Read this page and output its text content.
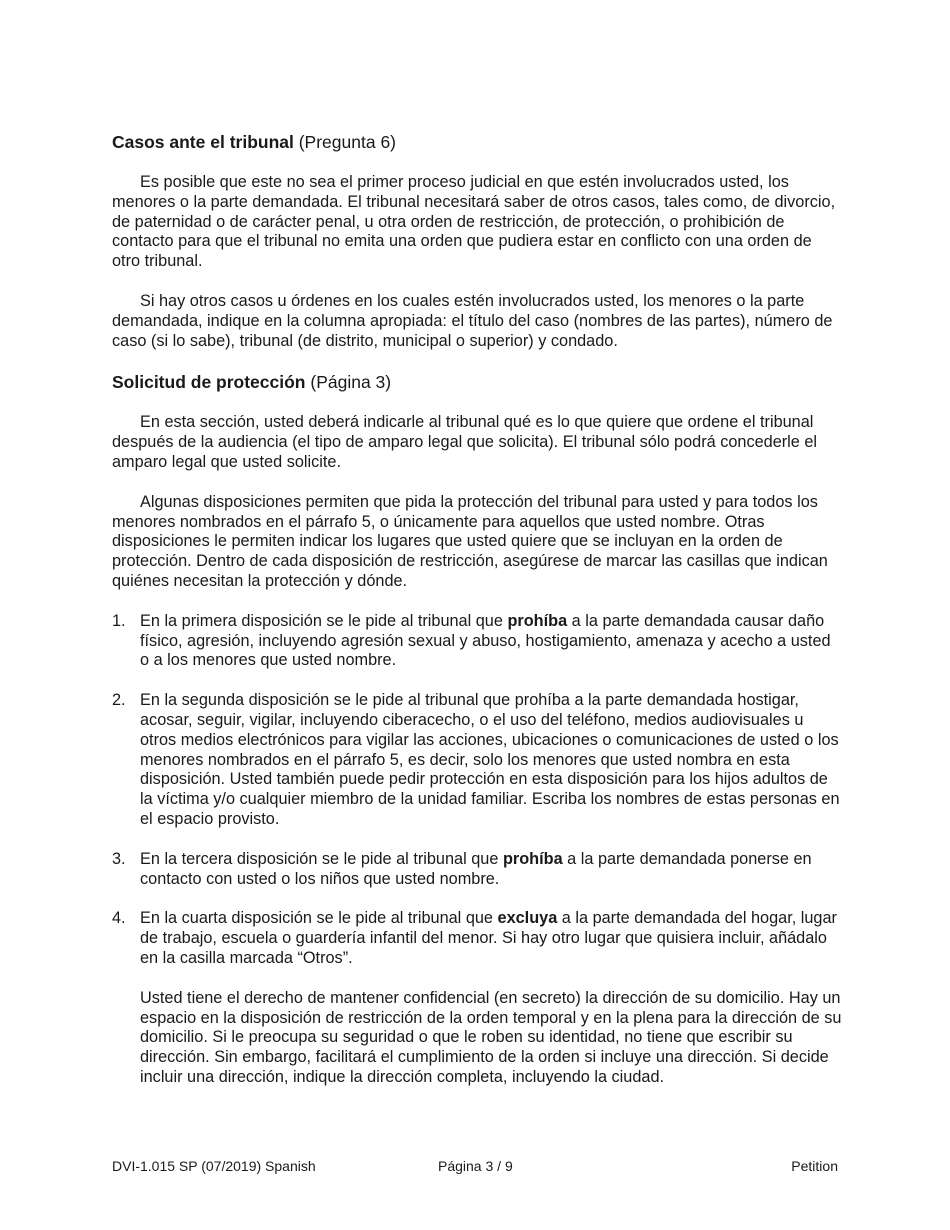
Casos ante el tribunal (Pregunta 6)

Es posible que este no sea el primer proceso judicial en que estén involucrados usted, los menores o la parte demandada. El tribunal necesitará saber de otros casos, tales como, de divorcio, de paternidad o de carácter penal, u otra orden de restricción, de protección, o prohibición de contacto para que el tribunal no emita una orden que pudiera estar en conflicto con una orden de otro tribunal.

Si hay otros casos u órdenes en los cuales estén involucrados usted, los menores o la parte demandada, indique en la columna apropiada: el título del caso (nombres de las partes), número de caso (si lo sabe), tribunal (de distrito, municipal o superior) y condado.

Solicitud de protección (Página 3)

En esta sección, usted deberá indicarle al tribunal qué es lo que quiere que ordene el tribunal después de la audiencia (el tipo de amparo legal que solicita). El tribunal sólo podrá concederle el amparo legal que usted solicite.

Algunas disposiciones permiten que pida la protección del tribunal para usted y para todos los menores nombrados en el párrafo 5, o únicamente para aquellos que usted nombre. Otras disposiciones le permiten indicar los lugares que usted quiere que se incluyan en la orden de protección. Dentro de cada disposición de restricción, asegúrese de marcar las casillas que indican quiénes necesitan la protección y dónde.

1. En la primera disposición se le pide al tribunal que prohíba a la parte demandada causar daño físico, agresión, incluyendo agresión sexual y abuso, hostigamiento, amenaza y acecho a usted o a los menores que usted nombre.
2. En la segunda disposición se le pide al tribunal que prohíba a la parte demandada hostigar, acosar, seguir, vigilar, incluyendo ciberacecho, o el uso del teléfono, medios audiovisuales u otros medios electrónicos para vigilar las acciones, ubicaciones o comunicaciones de usted o los menores nombrados en el párrafo 5, es decir, solo los menores que usted nombra en esta disposición. Usted también puede pedir protección en esta disposición para los hijos adultos de la víctima y/o cualquier miembro de la unidad familiar. Escriba los nombres de estas personas en el espacio provisto.
3. En la tercera disposición se le pide al tribunal que prohíba a la parte demandada ponerse en contacto con usted o los niños que usted nombre.
4. En la cuarta disposición se le pide al tribunal que excluya a la parte demandada del hogar, lugar de trabajo, escuela o guardería infantil del menor. Si hay otro lugar que quisiera incluir, añádalo en la casilla marcada “Otros”.

Usted tiene el derecho de mantener confidencial (en secreto) la dirección de su domicilio. Hay un espacio en la disposición de restricción de la orden temporal y en la plena para la dirección de su domicilio. Si le preocupa su seguridad o que le roben su identidad, no tiene que escribir su dirección. Sin embargo, facilitará el cumplimiento de la orden si incluye una dirección. Si decide incluir una dirección, indique la dirección completa, incluyendo la ciudad.

DVI-1.015 SP (07/2019) Spanish	Página 3 / 9	Petition
